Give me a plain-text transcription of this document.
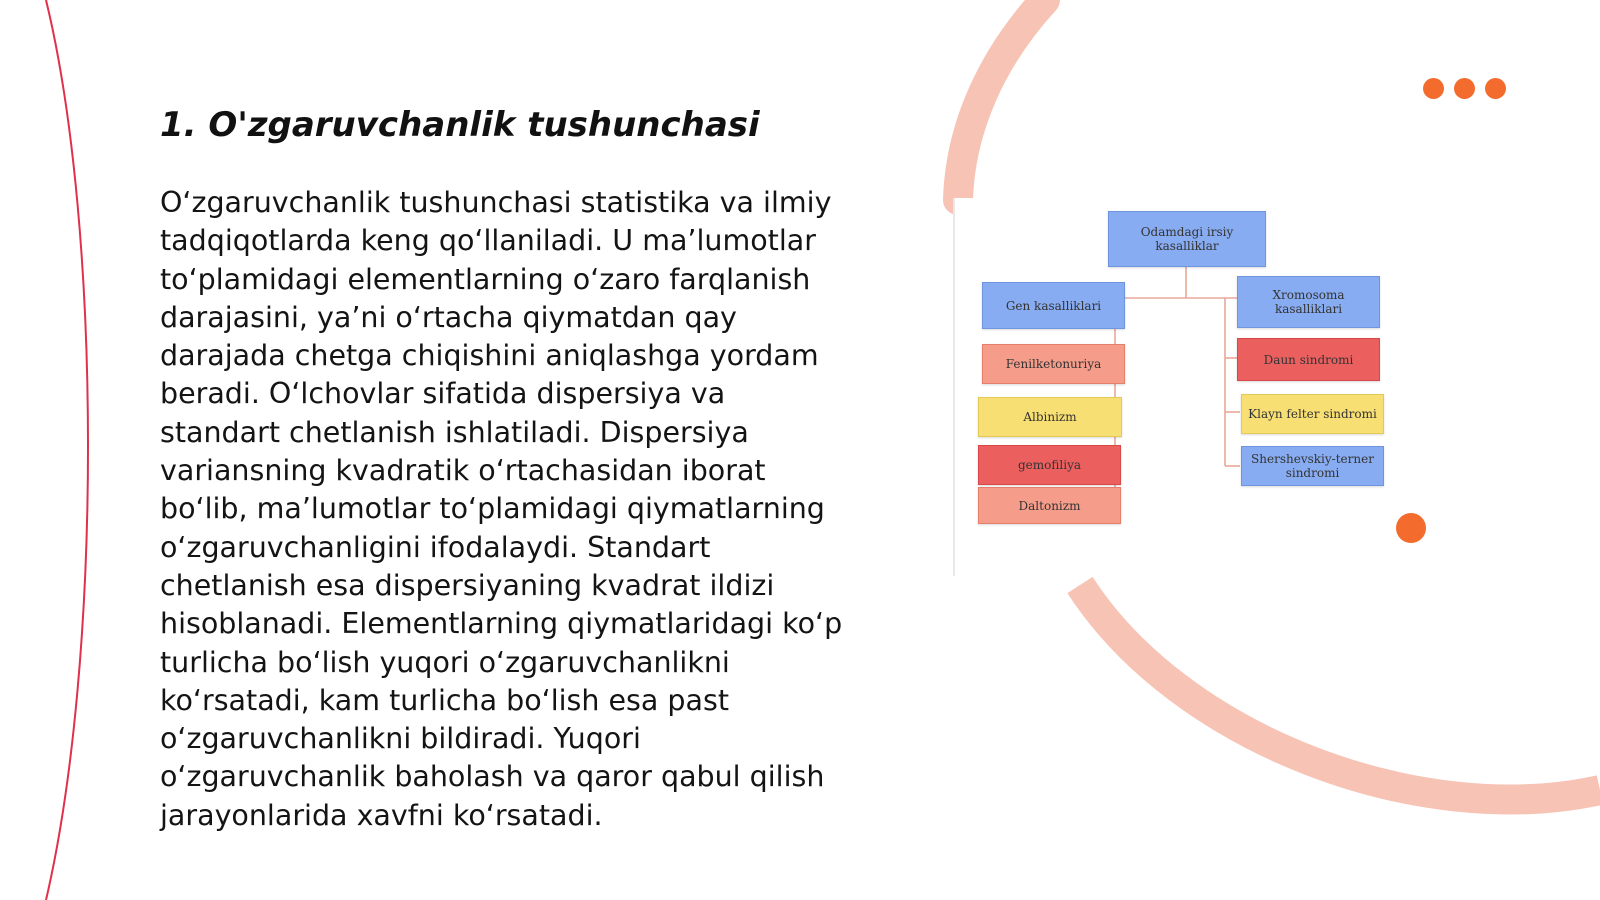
1. O'zgaruvchanlik tushunchasi

O‘zgaruvchanlik tushunchasi statistika va ilmiy tadqiqotlarda keng qo‘llaniladi. U ma’lumotlar to‘plamidagi elementlarning o‘zaro farqlanish darajasini, ya’ni o‘rtacha qiymatdan qay darajada chetga chiqishini aniqlashga yordam beradi. O‘lchovlar sifatida dispersiya va standart chetlanish ishlatiladi. Dispersiya variansning kvadratik o‘rtachasidan iborat bo‘lib, ma’lumotlar to‘plamidagi qiymatlarning o‘zgaruvchanligini ifodalaydi. Standart chetlanish esa dispersiyaning kvadrat ildizi hisoblanadi. Elementlarning qiymatlaridagi ko‘p turlicha bo‘lish yuqori o‘zgaruvchanlikni ko‘rsatadi, kam turlicha bo‘lish esa past o‘zgaruvchanlikni bildiradi. Yuqori o‘zgaruvchanlik baholash va qaror qabul qilish jarayonlarida xavfni ko‘rsatadi.

Odamdagi irsiy kasalliklar
Gen kasalliklari
Fenilketonuriya
Albinizm
gemofiliya
Daltonizm
Xromosoma kasalliklari
Daun sindromi
Klayn felter sindromi
Shershevskiy-terner sindromi
